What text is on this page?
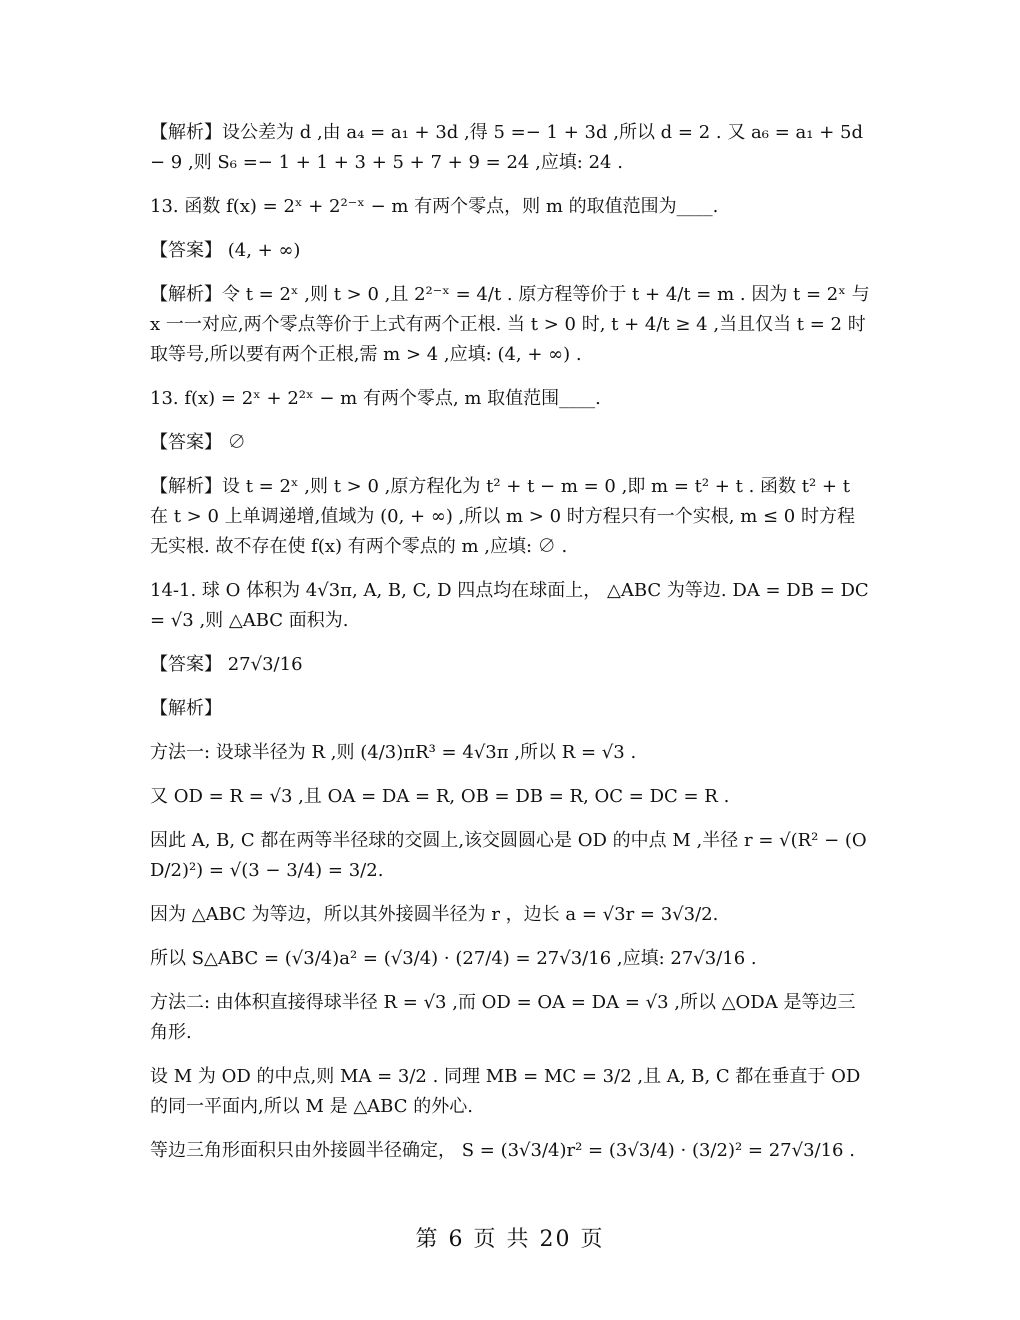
【解析】设公差为 d ,由 a₄ = a₁ + 3d ,得 5 =− 1 + 3d ,所以 d = 2 . 又 a₆ = a₁ + 5d − 9 ,则 S₆ =− 1 + 1 + 3 + 5 + 7 + 9 = 24 ,应填: 24 .

13. 函数 f(x) = 2ˣ + 2²⁻ˣ − m 有两个零点，则 m 的取值范围为____.

【答案】 (4, + ∞)

【解析】令 t = 2ˣ ,则 t > 0 ,且 2²⁻ˣ = 4/t . 原方程等价于 t + 4/t = m . 因为 t = 2ˣ 与 x 一一对应,两个零点等价于上式有两个正根. 当 t > 0 时, t + 4/t ≥ 4 ,当且仅当 t = 2 时取等号,所以要有两个正根,需 m > 4 ,应填: (4, + ∞) .

13. f(x) = 2ˣ + 2²ˣ − m 有两个零点, m 取值范围____.

【答案】 ∅

【解析】设 t = 2ˣ ,则 t > 0 ,原方程化为 t² + t − m = 0 ,即 m = t² + t . 函数 t² + t 在 t > 0 上单调递增,值域为 (0, + ∞) ,所以 m > 0 时方程只有一个实根, m ≤ 0 时方程无实根. 故不存在使 f(x) 有两个零点的 m ,应填: ∅ .

14-1. 球 O 体积为 4√3π, A, B, C, D 四点均在球面上， △ABC 为等边. DA = DB = DC = √3 ,则 △ABC 面积为.

【答案】 27√3/16

【解析】

方法一: 设球半径为 R ,则 (4/3)πR³ = 4√3π ,所以 R = √3 .

又 OD = R = √3 ,且 OA = DA = R, OB = DB = R, OC = DC = R .

因此 A, B, C 都在两等半径球的交圆上,该交圆圆心是 OD 的中点 M ,半径 r = √(R² − (OD/2)²) = √(3 − 3/4) = 3/2.

因为 △ABC 为等边，所以其外接圆半径为 r ，边长 a = √3r = 3√3/2.

所以 S△ABC = (√3/4)a² = (√3/4) · (27/4) = 27√3/16 ,应填: 27√3/16 .

方法二: 由体积直接得球半径 R = √3 ,而 OD = OA = DA = √3 ,所以 △ODA 是等边三角形.

设 M 为 OD 的中点,则 MA = 3/2 . 同理 MB = MC = 3/2 ,且 A, B, C 都在垂直于 OD 的同一平面内,所以 M 是 △ABC 的外心.

等边三角形面积只由外接圆半径确定， S = (3√3/4)r² = (3√3/4) · (3/2)² = 27√3/16 .

第 6 页 共 20 页
